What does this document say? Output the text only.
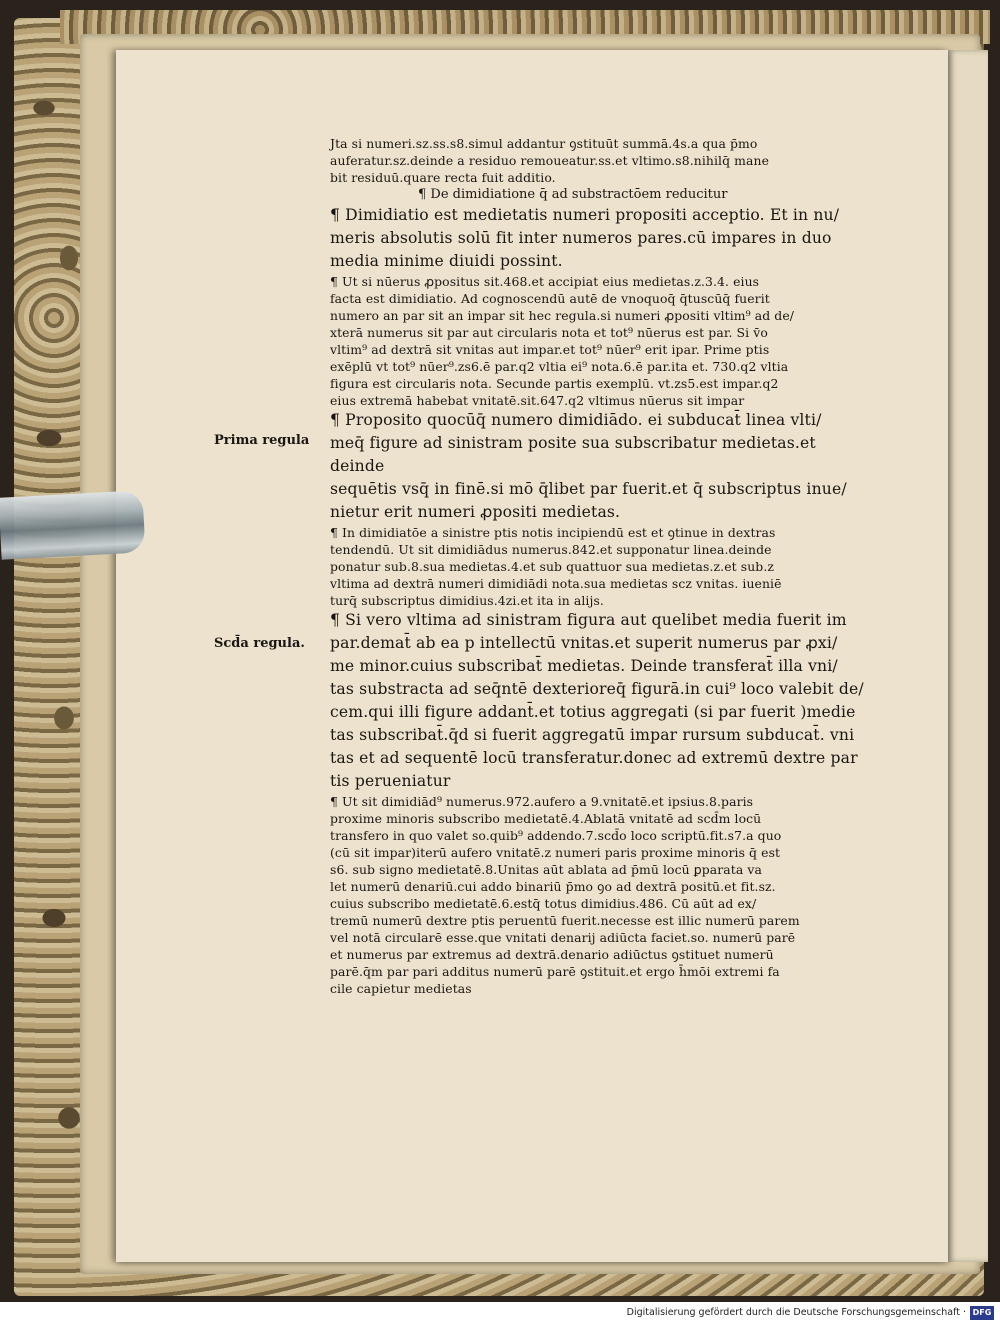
Prima regula
Scd̄a regula.

Jta si numeri.sz.ss.s8.simul addantur ꝯstituūt summā.4s.a qua p̄mo
auferatur.sz.deinde a residuo remoueatur.ss.et vltimo.s8.nihilq̄ mane
bit residuū.quare recta fuit additio.

¶ De dimidiatione q̄ ad substractōem reducitur

¶ Dimidiatio est medietatis numeri propositi acceptio. Et in nu/
meris absolutis solū fit inter numeros pares.cū impares in duo
media minime diuidi possint.

¶ Ut si nūerus ꝓpositus sit.468.et accipiat eius medietas.z.3.4. eius
facta est dimidiatio. Ad cognoscendū autē de vnoquoq̄ q̄tuscūq̄ fuerit
numero an par sit an impar sit hec regula.si numeri ꝓpositi vltim⁹ ad de/
xterā numerus sit par aut circularis nota et tot⁹ nūerus est par. Si v̄o
vltim⁹ ad dextrā sit vnitas aut impar.et tot⁹ nūer⁹ erit ipar. Prime ptis
exēplū vt tot⁹ nūer⁹.zs6.ē par.q2 vltia ei⁹ nota.6.ē par.ita et. 730.q2 vltia
figura est circularis nota. Secunde partis exemplū. vt.zs5.est impar.q2
eius extremā habebat vnitatē.sit.647.q2 vltimus nūerus sit impar

¶ Proposito quocūq̄ numero dimidiādo. ei subducat̄ linea vlti/
meq̄ figure ad sinistram posite sua subscribatur medietas.et deinde
sequētis vsq̄ in finē.si mō q̄libet par fuerit.et q̄ subscriptus inue/
nietur erit numeri ꝓpositi medietas.

¶ In dimidiatōe a sinistre ptis notis incipiendū est et ꝯtinue in dextras
tendendū. Ut sit dimidiādus numerus.842.et supponatur linea.deinde
ponatur sub.8.sua medietas.4.et sub quattuor sua medietas.z.et sub.z
vltima ad dextrā numeri dimidiādi nota.sua medietas scz vnitas. iueniē
turq̄ subscriptus dimidius.4zi.et ita in alijs.

¶ Si vero vltima ad sinistram figura aut quelibet media fuerit im
par.demat̄ ab ea p intellectū vnitas.et superit numerus par ꝓxi/
me minor.cuius subscribat̄ medietas. Deinde transferat̄ illa vni/
tas substracta ad seq̄ntē dexterioreq̄ figurā.in cui⁹ loco valebit de/
cem.qui illi figure addant̄.et totius aggregati (si par fuerit )medie
tas subscribat̄.q̄d si fuerit aggregatū impar rursum subducat̄. vni
tas et ad sequentē locū transferatur.donec ad extremū dextre par
tis perueniatur

¶ Ut sit dimidiād⁹ numerus.972.aufero a 9.vnitatē.et ipsius.8.paris
proxime minoris subscribo medietatē.4.Ablatā vnitatē ad scd̄m locū
transfero in quo valet so.quib⁹ addendo.7.scd̄o loco scriptū.fit.s7.a quo
(cū sit impar)iterū aufero vnitatē.z numeri paris proxime minoris q̄ est
s6. sub signo medietatē.8.Unitas aūt ablata ad p̄mū locū ꝑparata va
let numerū denariū.cui addo binariū p̄mo ꝯo ad dextrā positū.et fit.sz.
cuius subscribo medietatē.6.estq̄ totus dimidius.486. Cū aūt ad ex/
tremū numerū dextre ptis peruentū fuerit.necesse est illic numerū parem
vel notā circularē esse.que vnitati denarij adiūcta faciet.so. numerū parē
et numerus par extremus ad dextrā.denario adiūctus ꝯstituet numerū
parē.q̄m par pari additus numerū parē ꝯstituit.et ergo h̄mōi extremi fa
cile capietur medietas

Digitalisierung gefördert durch die Deutsche Forschungsgemeinschaft · DFG
